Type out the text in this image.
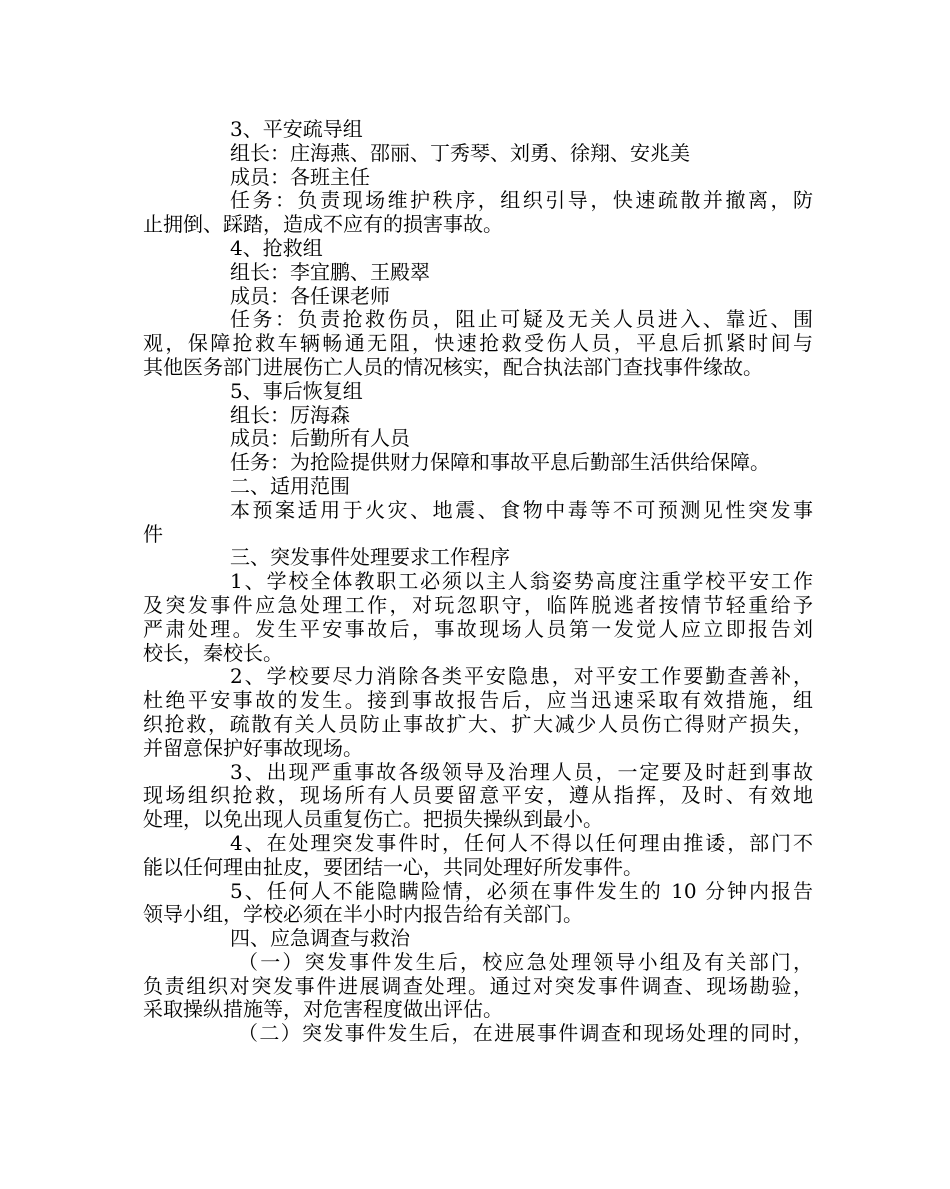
3、平安疏导组
组长：庄海燕、邵丽、丁秀琴、刘勇、徐翔、安兆美
成员：各班主任
任务：负责现场维护秩序，组织引导，快速疏散并撤离，防
止拥倒、踩踏，造成不应有的损害事故。
4、抢救组
组长：李宜鹏、王殿翠
成员：各任课老师
任务：负责抢救伤员，阻止可疑及无关人员进入、靠近、围
观，保障抢救车辆畅通无阻，快速抢救受伤人员，平息后抓紧时间与
其他医务部门进展伤亡人员的情况核实，配合执法部门查找事件缘故。
5、事后恢复组
组长：厉海森
成员：后勤所有人员
任务：为抢险提供财力保障和事故平息后勤部生活供给保障。
二、适用范围
本预案适用于火灾、地震、食物中毒等不可预测见性突发事
件
三、突发事件处理要求工作程序
1、学校全体教职工必须以主人翁姿势高度注重学校平安工作
及突发事件应急处理工作，对玩忽职守，临阵脱逃者按情节轻重给予
严肃处理。发生平安事故后，事故现场人员第一发觉人应立即报告刘
校长，秦校长。
2、学校要尽力消除各类平安隐患，对平安工作要勤查善补，
杜绝平安事故的发生。接到事故报告后，应当迅速采取有效措施，组
织抢救，疏散有关人员防止事故扩大、扩大减少人员伤亡得财产损失，
并留意保护好事故现场。
3、出现严重事故各级领导及治理人员，一定要及时赶到事故
现场组织抢救，现场所有人员要留意平安，遵从指挥，及时、有效地
处理，以免出现人员重复伤亡。把损失操纵到最小。
4、在处理突发事件时，任何人不得以任何理由推诿，部门不
能以任何理由扯皮，要团结一心，共同处理好所发事件。
5、任何人不能隐瞒险情，必须在事件发生的 10 分钟内报告
领导小组，学校必须在半小时内报告给有关部门。
四、应急调查与救治
（一）突发事件发生后，校应急处理领导小组及有关部门，
负责组织对突发事件进展调查处理。通过对突发事件调查、现场勘验，
采取操纵措施等，对危害程度做出评估。
（二）突发事件发生后，在进展事件调查和现场处理的同时，
